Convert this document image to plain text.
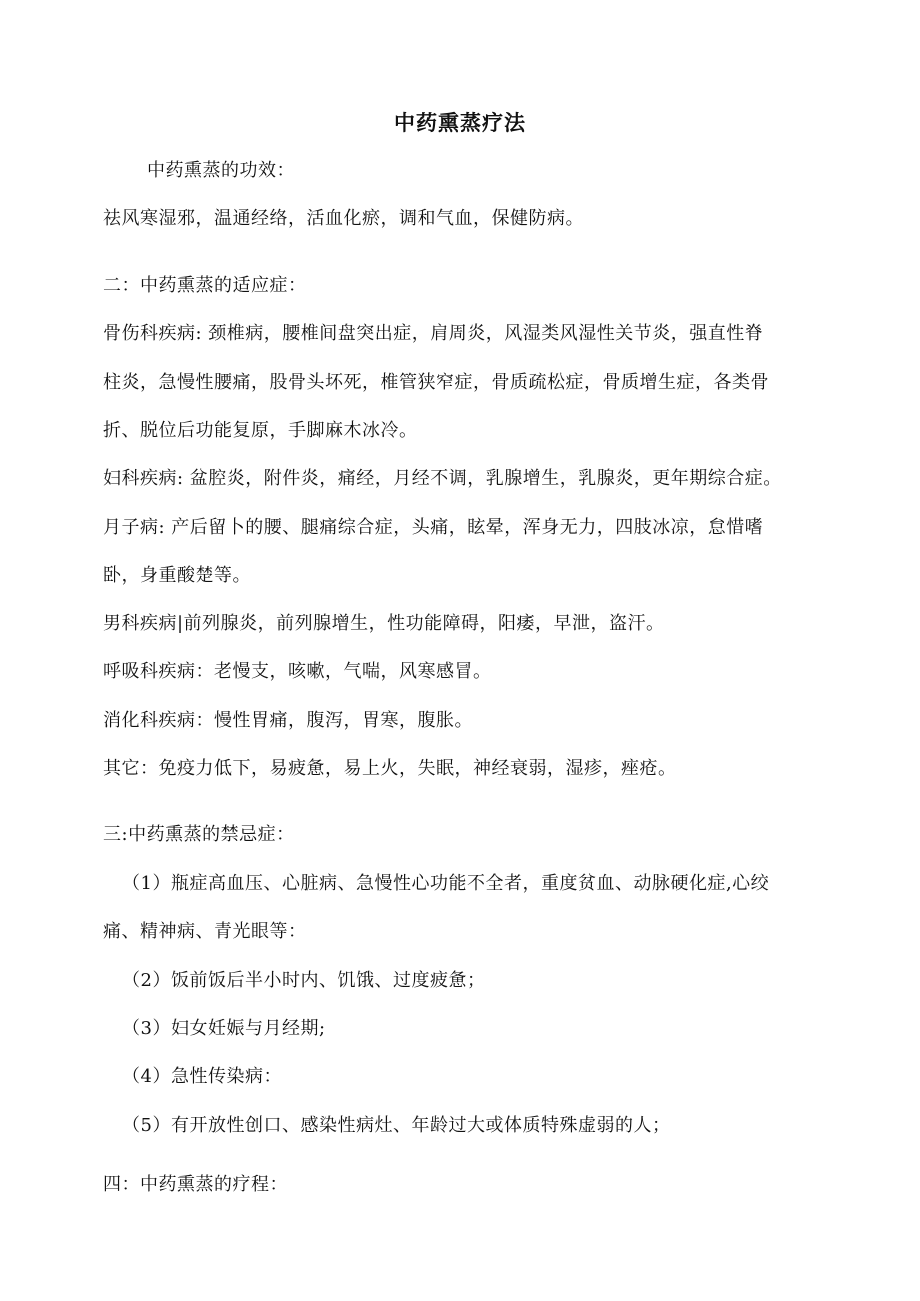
中药熏蒸疗法
中药熏蒸的功效：
祛风寒湿邪，温通经络，活血化瘀，调和气血，保健防病。
二：中药熏蒸的适应症：
骨伤科疾病: 颈椎病，腰椎间盘突出症，肩周炎，风湿类风湿性关节炎，强直性脊
柱炎，急慢性腰痛，股骨头坏死，椎管狭窄症，骨质疏松症，骨质增生症，各类骨
折、脱位后功能复原，手脚麻木冰冷。
妇科疾病: 盆腔炎，附件炎，痛经，月经不调，乳腺增生，乳腺炎，更年期综合症。
月子病: 产后留卜的腰、腿痛综合症，头痛，眩晕，浑身无力，四肢冰凉，怠惜嗜
卧，身重酸楚等。
男科疾病|前列腺炎，前列腺增生，性功能障碍，阳痿，早泄，盗汗。
呼吸科疾病：老慢支，咳嗽，气喘，风寒感冒。
消化科疾病：慢性胃痛，腹泻，胃寒，腹胀。
其它：免疫力低下，易疲惫，易上火，失眠，神经衰弱，湿疹，痤疮。
三:中药熏蒸的禁忌症：
（1）瓶症高血压、心脏病、急慢性心功能不全者，重度贫血、动脉硬化症,心绞
痛、精神病、青光眼等：
（2）饭前饭后半小时内、饥饿、过度疲惫；
（3）妇女妊娠与月经期;
（4）急性传染病：
（5）有开放性创口、感染性病灶、年龄过大或体质特殊虚弱的人；
四：中药熏蒸的疗程：
